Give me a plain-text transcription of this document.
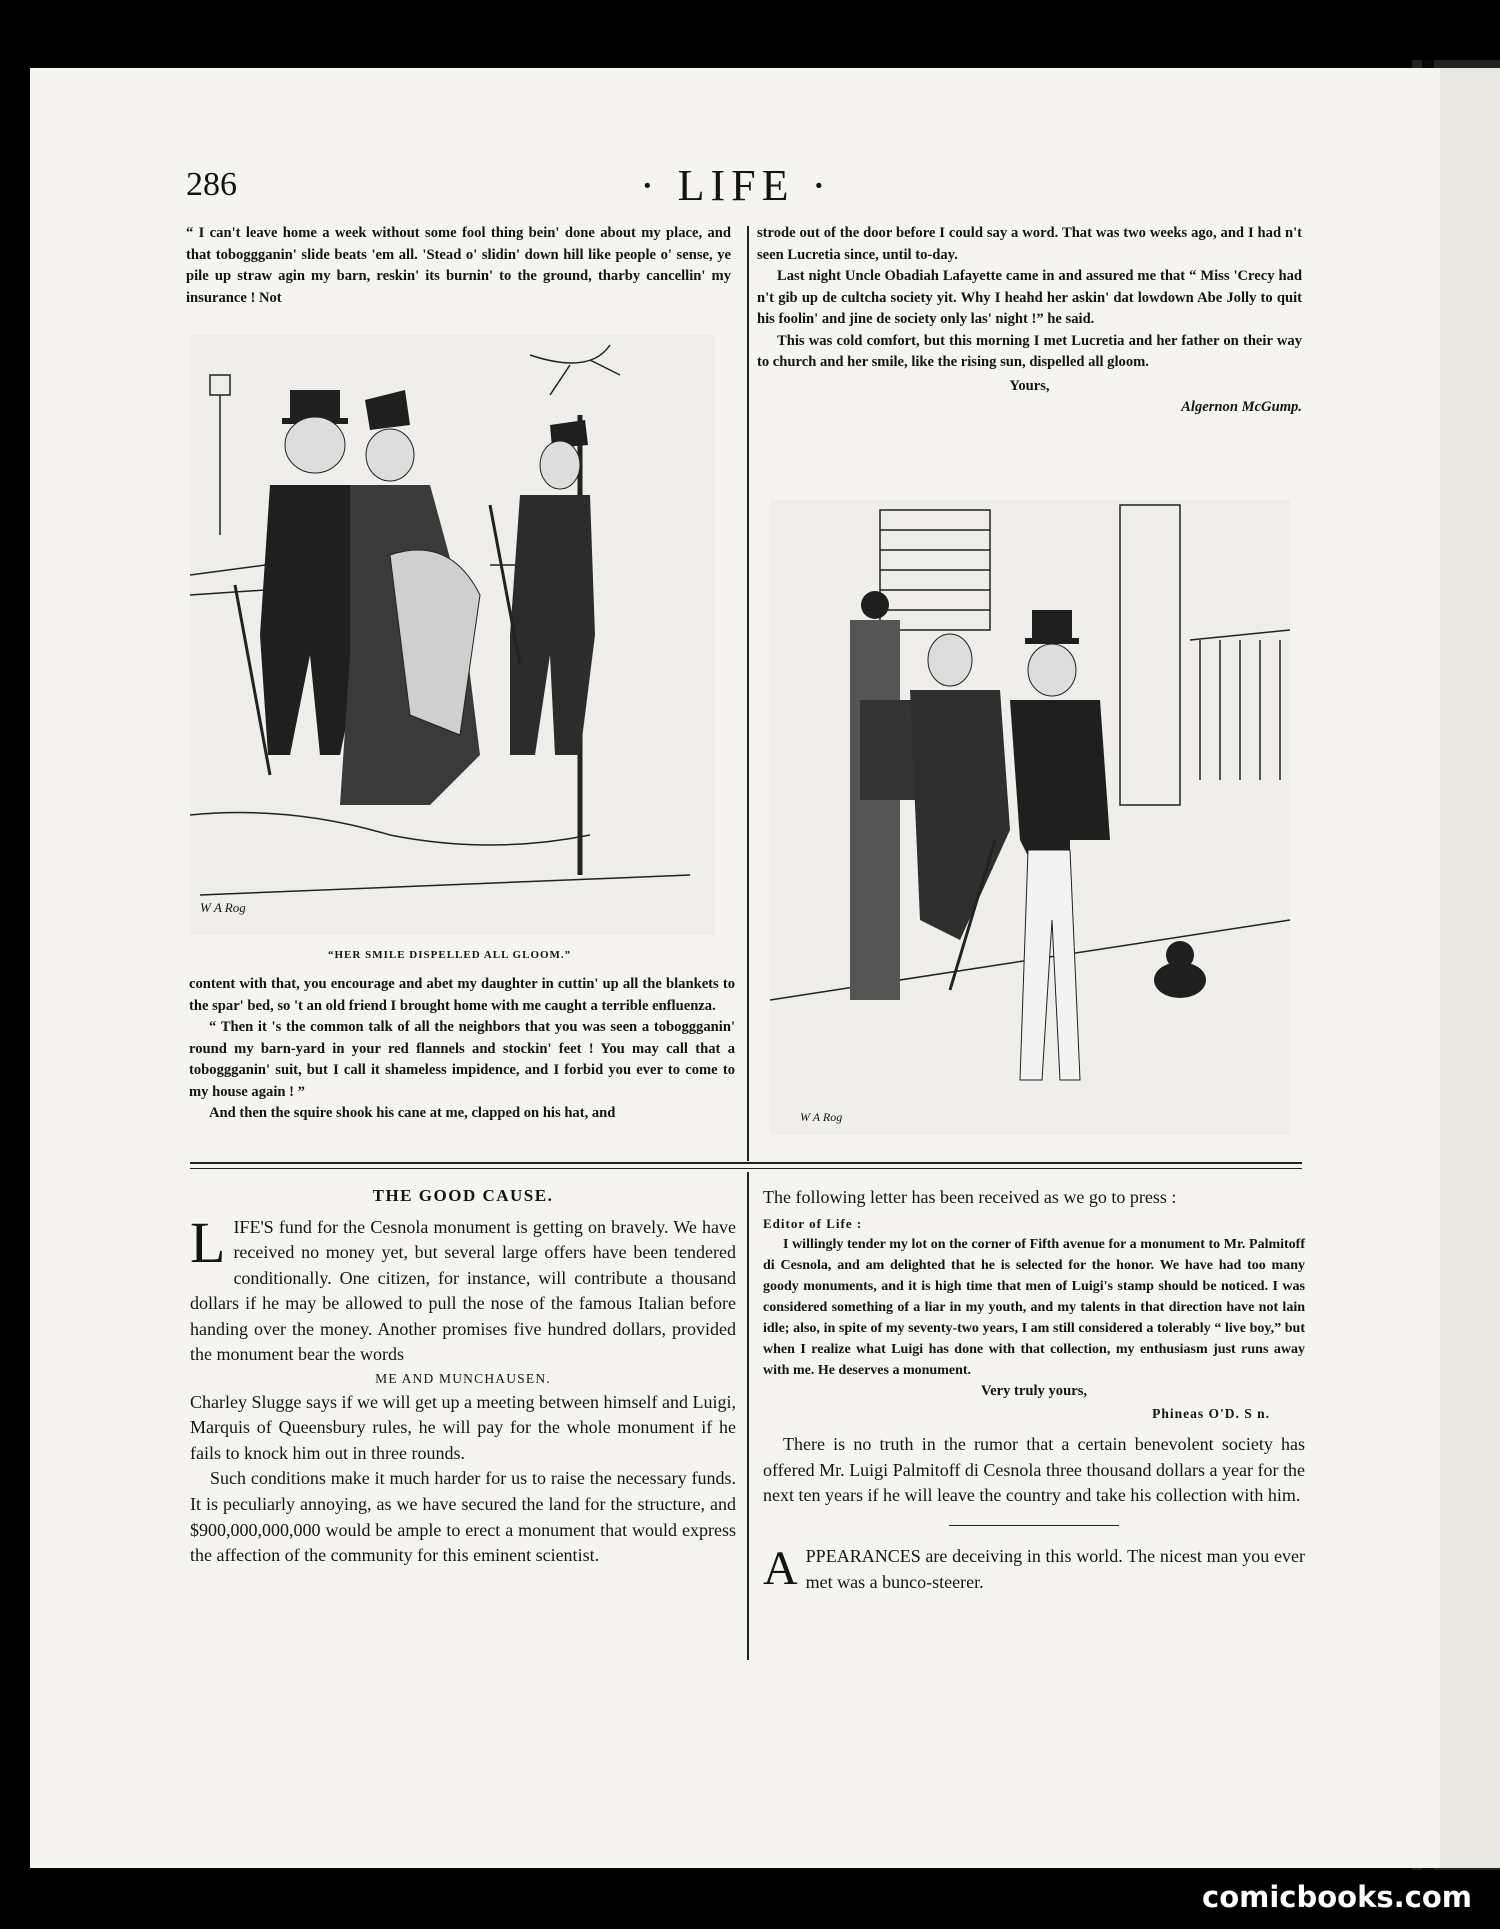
286	· LIFE ·

“ I can't leave home a week without some fool thing bein' done about my place, and that toboggganin' slide beats 'em all. 'Stead o' slidin' down hill like people o' sense, ye pile up straw agin my barn, reskin' its burnin' to the ground, tharby cancellin' my insurance ! Not

W A Rog
“HER SMILE DISPELLED ALL GLOOM.”

content with that, you encourage and abet my daughter in cuttin' up all the blankets to the spar' bed, so 't an old friend I brought home with me caught a terrible enfluenza.

“ Then it 's the common talk of all the neighbors that you was seen a toboggganin' round my barn-yard in your red flannels and stockin' feet ! You may call that a toboggganin' suit, but I call it shameless impidence, and I forbid you ever to come to my house again ! ”

And then the squire shook his cane at me, clapped on his hat, and

strode out of the door before I could say a word. That was two weeks ago, and I had n't seen Lucretia since, until to-day.

Last night Uncle Obadiah Lafayette came in and assured me that “ Miss 'Crecy had n't gib up de cultcha society yit. Why I heahd her askin' dat lowdown Abe Jolly to quit his foolin' and jine de society only las' night !” he said.

This was cold comfort, but this morning I met Lucretia and her father on their way to church and her smile, like the rising sun, dispelled all gloom.

Yours,

Algernon McGump.

W A Rog

THE GOOD CAUSE.

LIFE'S fund for the Cesnola monument is getting on bravely. We have received no money yet, but several large offers have been tendered conditionally. One citizen, for instance, will contribute a thousand dollars if he may be allowed to pull the nose of the famous Italian before handing over the money. Another promises five hundred dollars, provided the monument bear the words

ME AND MUNCHAUSEN.

Charley Slugge says if we will get up a meeting between himself and Luigi, Marquis of Queensbury rules, he will pay for the whole monument if he fails to knock him out in three rounds.

Such conditions make it much harder for us to raise the necessary funds. It is peculiarly annoying, as we have secured the land for the structure, and $900,000,000,000 would be ample to erect a monument that would express the affection of the community for this eminent scientist.

The following letter has been received as we go to press :

Editor of Life :

I willingly tender my lot on the corner of Fifth avenue for a monument to Mr. Palmitoff di Cesnola, and am delighted that he is selected for the honor. We have had too many goody monuments, and it is high time that men of Luigi's stamp should be noticed. I was considered something of a liar in my youth, and my talents in that direction have not lain idle; also, in spite of my seventy-two years, I am still considered a tolerably “ live boy,” but when I realize what Luigi has done with that collection, my enthusiasm just runs away with me. He deserves a monument.

Very truly yours,

Phineas O'D. S n.

There is no truth in the rumor that a certain benevolent society has offered Mr. Luigi Palmitoff di Cesnola three thousand dollars a year for the next ten years if he will leave the country and take his collection with him.

APPEARANCES are deceiving in this world. The nicest man you ever met was a bunco-steerer.

comicbooks.com
